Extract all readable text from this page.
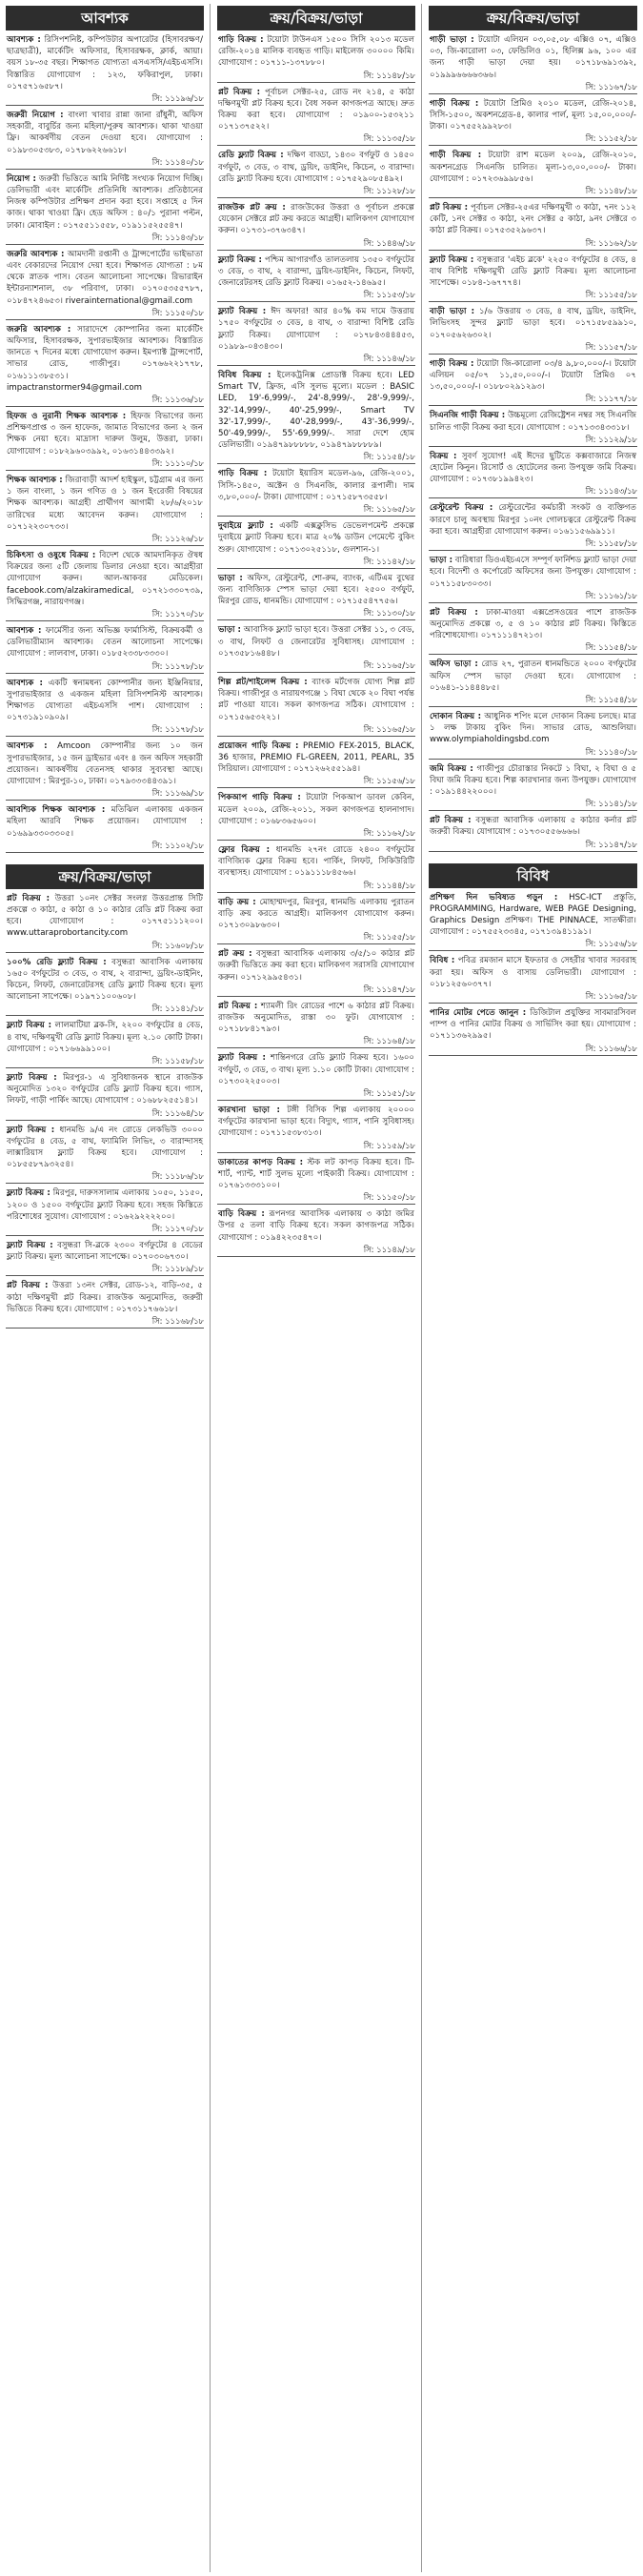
আবশ্যক

আবশ্যক : রিসিপশনিষ্ট, কম্পিউটার অপারেটর (হিসাবরক্ষণ/ছাত্রছাত্রী), মার্কেটিং অফিসার, হিসাবরক্ষক, ক্লার্ক, আয়া। বয়স ১৮-৩৫ বছর। শিক্ষাগত যোগ্যতা এসএসসি/এইচএসসি। বিস্তারিত যোগাযোগ : ১২৩, ফকিরাপুল, ঢাকা। ০১৭৫৭১৬৫৮৭।

সি: ১১১৯৬/১৮

জরুরী নিয়োগ : বাংলা খাবার রান্না জানা রাঁধুনী, অফিস সহকারী, বাবুর্চির জন্য মহিলা/পুরুষ আবশ্যক। থাকা খাওয়া ফ্রি। আকর্ষণীয় বেতন দেওয়া হবে। যোগাযোগ : ০১৯৮৩০৫৩৮৩, ০১৭৮৬২২৬৬১৮।

সি: ১১১৪০/১৮

নিয়োগ : জরুরী ভিত্তিতে আমি নির্দিষ্ট সংখ্যক নিয়োগ দিচ্ছি। ডেলিভারী এবং মার্কেটিং প্রতিনিধি আবশ্যক। প্রতিষ্ঠানের নিজস্ব কম্পিউটার প্রশিক্ষণ প্রদান করা হবে। সপ্তাহে ৫ দিন কাজ। থাকা খাওয়া ফ্রি। হেড অফিস : ৪০/১ পুরানা পল্টন, ঢাকা। মোবাইল : ০১৭৫৫১১৫৫৮, ০১৯১১৫২৫৫৪৭।

সি: ১১১৪৩/১৮

জরুরি আবশ্যক : আমদানী রপ্তানী ও ট্রান্সপোর্টের ভাইভাতা এবং বেকারদের নিয়োগ দেয়া হবে। শিক্ষাগত যোগ্যতা : ৮ম থেকে স্নাতক পাস। বেতন আলোচনা সাপেক্ষে। রিভারাইন ইন্টারন্যাশনাল, ৩৮ পরিবাগ, ঢাকা। ০১৭০৫৩৫৫৭৮৭, ০১৮৪৭২৪৬৫৩। riverainternational@gmail.com

সি: ১১১৫০/১৮

জরুরি আবশ্যক : সারাদেশে কোম্পানির জন্য মার্কেটিং অফিসার, হিসাবরক্ষক, সুপারভাইজার আবশ্যক। বিস্তারিত জানতে ৭ দিনের মধ্যে যোগাযোগ করুন। ইমপ্যাক্ট ট্রান্সপোর্ট, সাভার রোড, গাজীপুর। ০১৭৬৬২২১৭৭৮, ০১৬১১১৩৮৫৩১। impactranstormer94@gmail.com

সি: ১১১৩৬/১৮

হিফজ ও নুরানী শিক্ষক আবশ্যক : হিফজ বিভাগের জন্য প্রশিক্ষণপ্রাপ্ত ৩ জন হাফেজ, জামাত বিভাগের জন্য ২ জন শিক্ষক নেয়া হবে। মাদ্রাসা দারুল উলুম, উত্তরা, ঢাকা। যোগাযোগ : ০১৮২৯৬০৩৯৯২, ০১৬৩১৪৪৩৩৯২।

সি: ১১১১০/১৮

শিক্ষক আবশ্যক : জিরাবাড়ী আদর্শ হাইস্কুল, চট্টগ্রাম এর জন্য ১ জন বাংলা, ১ জন গণিত ও ১ জন ইংরেজী বিষয়ের শিক্ষক আবশ্যক। আগ্রহী প্রার্থীগণ আগামী ২৮/৬/২০১৮ তারিখের মধ্যে আবেদন করুন। যোগাযোগ : ০১৭১২২৩০৭৩৩।

সি: ১১১২৬/১৮

চিকিৎসা ও ওষুধে বিক্রয় : বিদেশ থেকে আমদানিকৃত ঔষধ বিক্রয়ের জন্য ৫টি জেলায় ডিলার নেওয়া হবে। আগ্রহীরা যোগাযোগ করুন। আল-আকবর মেডিকেল। facebook.com/alzakiramedical, ০১৭২১৩৩০৭৩৯, সিদ্ধিরগঞ্জ, নারায়ণগঞ্জ।

সি: ১১১৭০/১৮

আবশ্যক : ফার্মেসীর জন্য অভিজ্ঞ ফার্মাসিস্ট, বিক্রয়কর্মী ও ডেলিভারীম্যান আবশ্যক। বেতন আলোচনা সাপেক্ষে। যোগাযোগ : লালবাগ, ঢাকা। ০১৮৫২৩৩৮৩৩৩০।

সি: ১১১৭৮/১৮

আবশ্যক : একটি স্বনামধন্য কোম্পানীর জন্য ইঞ্জিনিয়ার, সুপারভাইজার ও একজন মহিলা রিসিপশনিস্ট আবশ্যক। শিক্ষাগত যোগ্যতা এইচএসসি পাশ। যোগাযোগ : ০১৭৩১৯১০৯০৯।

সি: ১১১৭৮/১৮

আবশ্যক : Amcoon কোম্পানীর জন্য ১০ জন সুপারভাইজার, ১৫ জন ড্রাইভার এবং ৪ জন অফিস সহকারী প্রয়োজন। আকর্ষণীয় বেতনসহ থাকার সুব্যবস্থা আছে। যোগাযোগ : মিরপুর-১০, ঢাকা। ০১৭৯৩৩৩৪৪৩৯১।

সি: ১১১৬৯/১৮

আবশ্যিক শিক্ষক আবশ্যক : মতিঝিল এলাকায় একজন মহিলা আরবি শিক্ষক প্রয়োজন। যোগাযোগ : ০১৬৯৯৩৩০৩৩০৫।

সি: ১১১০২/১৮
ক্রয়/বিক্রয়/ভাড়া

প্লট বিক্রয় : উত্তরা ১০নং সেক্টর সংলগ্ন উত্তরপ্রান্ত সিটি প্রকল্পে ৩ কাঠা, ৫ কাঠা ও ১০ কাঠার রেডি প্লট বিক্রয় করা হবে। যোগাযোগ : ০১৭৭৫১১১২০০। www.uttaraprobortancity.com

সি: ১১৬০৮/১৮

১০০% রেডি ফ্ল্যাট বিক্রয় : বসুন্ধরা আবাসিক এলাকায় ১৬৫০ বর্গফুটের ৩ বেড, ৩ বাথ, ২ বারান্দা, ড্রয়িং-ডাইনিং, কিচেন, লিফট, জেনারেটরসহ রেডি ফ্ল্যাট বিক্রয় হবে। মূল্য আলোচনা সাপেক্ষে। ০১৯৭১১০০৬০৮।

সি: ১১১৪১/১৮

ফ্ল্যাট বিক্রয় : লালমাটিয়া ব্লক-সি, ২২০০ বর্গফুটের ৪ বেড, ৪ বাথ, দক্ষিণমুখী রেডি ফ্ল্যাট বিক্রয়। মূল্য ২.১০ কোটি টাকা। যোগাযোগ : ০১৭১৬৬৯৯১০০।

সি: ১১১৫৮/১৮

ফ্ল্যাট বিক্রয় : মিরপুর-১ এ সুবিধাজনক স্থানে রাজউক অনুমোদিত ১৩২০ বর্গফুটের রেডি ফ্ল্যাট বিক্রয় হবে। গ্যাস, লিফট, গাড়ী পার্কিং আছে। যোগাযোগ : ০১৬৮৮২৫৫১৪১।

সি: ১১১৬৪/১৮

ফ্ল্যাট বিক্রয় : ধানমন্ডি ৯/এ নং রোডে লেকভিউ ৩০০০ বর্গফুটের ৪ বেড, ৫ বাথ, ফ্যামিলি লিভিং, ৩ বারান্দাসহ লাক্সারিয়াস ফ্ল্যাট বিক্রয় হবে। যোগাযোগ : ০১৮৫৫৮৭৯৩২৫৪।

সি: ১১১৮৬/১৮

ফ্ল্যাট বিক্রয় : মিরপুর, দারুসসালাম এলাকায় ১০৫০, ১১৫০, ১২০০ ও ১৫০০ বর্গফুটের ফ্ল্যাট বিক্রয় হবে। সহজ কিস্তিতে পরিশোধের সুযোগ। যোগাযোগ : ০১৬২৯২২২২০০।

সি: ১১১৭০/১৮

ফ্ল্যাট বিক্রয় : বসুন্ধরা সি-ব্লকে ২৩০০ বর্গফুটের ৪ বেডের ফ্ল্যাট বিক্রয়। মূল্য আলোচনা সাপেক্ষে। ০১৭০৩০৬৭৩০।

সি: ১১১৮৯/১৮

প্লট বিক্রয় : উত্তরা ১৩নং সেক্টর, রোড-১২, বাড়ি-৩৫, ৫ কাঠা দক্ষিণমুখী প্লট বিক্রয়। রাজউক অনুমোদিত, জরুরী ভিত্তিতে বিক্রয় হবে। যোগাযোগ : ০১৭৩১১৭৬৬১৮।

সি: ১১১৬৮/১৮
ক্রয়/বিক্রয়/ভাড়া

গাড়ি বিক্রয় : টয়োটা টাউনএস ১৫০০ সিসি ২০১৩ মডেল রেজি-২০১৪ মালিক ব্যবহৃত গাড়ি। মাইলেজ ৩০০০০ কিমি। যোগাযোগ : ০১৭১১-১৩৭৮৮০।

সি: ১১১৪৮/১৮

প্লট বিক্রয় : পূর্বাচল সেক্টর-২৫, রোড নং ২১৪, ৫ কাঠা দক্ষিণমুখী প্লট বিক্রয় হবে। বৈধ সকল কাগজপত্র আছে। দ্রুত বিক্রয় করা হবে। যোগাযোগ : ০১৯০০-১৫৩২১১ ০১৭১৩৭৫২২।

সি: ১১১৩৫/১৮

রেডি ফ্ল্যাট বিক্রয় : দক্ষিণ বাড্ডা, ১৪৩০ বর্গফুট ও ১৪৫০ বর্গফুট, ৩ বেড, ৩ বাথ, ড্রয়িং, ডাইনিং, কিচেন, ৩ বারান্দা। রেডি ফ্ল্যাট বিক্রয় হবে। যোগাযোগ : ০১৭৫২৯০৮৫৪৯২।

সি: ১১১২৮/১৮

রাজউক প্লট ক্রয় : রাজউকের উত্তরা ও পূর্বাচল প্রকল্পে যেকোন সেক্টরে প্লট ক্রয় করতে আগ্রহী। মালিকগণ যোগাযোগ করুন। ০১৭৩১-৩৭৬৩৪৭।

সি: ১১৪৪৬/১৮

ফ্ল্যাট বিক্রয় : পশ্চিম আগারগাঁও তালতলায় ১৩৫০ বর্গফুটের ৩ বেড, ৩ বাথ, ২ বারান্দা, ড্রয়িং-ডাইনিং, কিচেন, লিফট, জেনারেটরসহ রেডি ফ্ল্যাট বিক্রয়। ০১৬৫২-১৪৬৯৫।

সি: ১১১৫৩/১৮

ফ্ল্যাট বিক্রয় : ঈদ অফার! আর ৪০% কম দামে উত্তরায় ১৭৫০ বর্গফুটের ৩ বেড, ৪ বাথ, ৩ বারান্দা বিশিষ্ট রেডি ফ্ল্যাট বিক্রয়। যোগাযোগ : ০১৭৮৪৩৪৪৪৫৩, ০১৯৮৯-০৪৩৪৩০।

সি: ১১১৪৬/১৮

বিবিধ বিক্রয় : ইলেকট্রনিক্স প্রোডাক্ট বিক্রয় হবে। LED Smart TV, ফ্রিজ, এসি সুলভ মূল্যে। মডেল : BASIC LED, 19'-6,999/-, 24'-8,999/-, 28'-9,999/-, 32'-14,999/-, 40'-25,999/-, Smart TV 32'-17,999/-, 40'-28,999/-, 43'-36,999/-, 50'-49,999/-, 55'-69,999/-. সারা দেশে হোম ডেলিভারী। ০১৯৪৭৯৮৮৮৮৮, ০১৯৪৭৯৮৮৮৮৯।

সি: ১১১৫৪/১৮

গাড়ি বিক্রয় : টয়োটা ইয়ারিস মডেল-৯৬, রেজি-২০০১, সিসি-১৪৫০, অক্টেন ও সিএনজি, কালার রূপালী। দাম ৩,৮০,০০০/- টাকা। যোগাযোগ : ০১৭১৫৮৭৩৫৫৮।

সি: ১১১৬৫/১৮

দুবাইয়ে ফ্ল্যাট : একটি এক্সক্লুসিভ ডেভেলপমেন্ট প্রকল্পে দুবাইয়ে ফ্ল্যাট বিক্রয় হবে। মাত্র ২০% ডাউন পেমেন্টে বুকিং শুরু। যোগাযোগ : ০১৭১৩০২৫১১৮, গুলশান-১।

সি: ১১১৪২/১৮

ভাড়া : অফিস, রেস্টুরেন্ট, শো-রুম, ব্যাংক, এটিএম বুথের জন্য বাণিজ্যিক স্পেস ভাড়া দেয়া হবে। ২৫০০ বর্গফুট, মিরপুর রোড, ধানমন্ডি। যোগাযোগ : ০১৭১৫৫৪৭৭৫৬।

সি: ১১১৩০/১৮

ভাড়া : আবাসিক ফ্ল্যাট ভাড়া হবে। উত্তরা সেক্টর ১১, ৩ বেড, ৩ বাথ, লিফট ও জেনারেটর সুবিধাসহ। যোগাযোগ : ০১৭৩৫৮১৬৪৪৮।

সি: ১১১৬৫/১৮

শিল্প প্লট/শাইলেন্স বিক্রয় : ব্যাংক মর্টগেজ যোগ্য শিল্প প্লট বিক্রয়। গাজীপুর ও নারায়ণগঞ্জে ১ বিঘা থেকে ২০ বিঘা পর্যন্ত প্লট পাওয়া যাবে। সকল কাগজপত্র সঠিক। যোগাযোগ : ০১৭১৫৬৫৩২২১।

সি: ১১১৬৫/১৮

প্রয়োজন গাড়ি বিক্রয় : PREMIO FEX-2015, BLACK, 36 হাজার, PREMIO FL-GREEN, 2011, PEARL, 35 সিরিয়াল। যোগাযোগ : ০১৭১২৬২৫৫১৯৪।

সি: ১১১৫৬/১৮

পিকআপ গাড়ি বিক্রয় : টয়োটা পিকআপ ডাবল কেবিন, মডেল ২০০৯, রেজি-২০১১, সকল কাগজপত্র হালনাগাদ। যোগাযোগ : ০১৬৮৩৬৫৬০০।

সি: ১১১৬২/১৮

ফ্লোর বিক্রয় : ধানমন্ডি ২৭নং রোডে ২৪০০ বর্গফুটের বাণিজ্যিক ফ্লোর বিক্রয় হবে। পার্কিং, লিফট, সিকিউরিটি ব্যবস্থাসহ। যোগাযোগ : ০১৯১১১৮৪৫৬৬।

সি: ১১১৪৪/১৮

বাড়ি ক্রয় : মোহাম্মদপুর, মিরপুর, ধানমন্ডি এলাকায় পুরাতন বাড়ি ক্রয় করতে আগ্রহী। মালিকগণ যোগাযোগ করুন। ০১৭১৩০৯৮৬৩০।

সি: ১১১৫৫/১৮

প্লট ক্রয় : বসুন্ধরা আবাসিক এলাকায় ৩/৫/১০ কাঠার প্লট জরুরী ভিত্তিতে ক্রয় করা হবে। মালিকগণ সরাসরি যোগাযোগ করুন। ০১৭১২৯৯৫৪৩১।

সি: ১১১৪৭/১৮

প্লট বিক্রয় : শ্যামলী রিং রোডের পাশে ৬ কাঠার প্লট বিক্রয়। রাজউক অনুমোদিত, রাস্তা ৩০ ফুট। যোগাযোগ : ০১৭১৮৮৪১৭৯৩।

সি: ১১১৬৪/১৮

ফ্ল্যাট বিক্রয় : শান্তিনগরে রেডি ফ্ল্যাট বিক্রয় হবে। ১৬০০ বর্গফুট, ৩ বেড, ৩ বাথ। মূল্য ১.১০ কোটি টাকা। যোগাযোগ : ০১৭৩০২২৫০০৩।

সি: ১১১৫১/১৮

কারখানা ভাড়া : টঙ্গী বিসিক শিল্প এলাকায় ২০০০০ বর্গফুটের কারখানা ভাড়া হবে। বিদ্যুৎ, গ্যাস, পানি সুবিধাসহ। যোগাযোগ : ০১৭১১৫৩৮৩১৩।

সি: ১১১৫৯/১৮

ডাকাতের কাপড় বিক্রয় : স্টক লট কাপড় বিক্রয় হবে। টি-শার্ট, প্যান্ট, শার্ট সুলভ মূল্যে পাইকারী বিক্রয়। যোগাযোগ : ০১৭৬১৩৩৩১০০।

সি: ১১১৫০/১৮

বাড়ি বিক্রয় : রূপনগর আবাসিক এলাকায় ৩ কাঠা জমির উপর ৫ তলা বাড়ি বিক্রয় হবে। সকল কাগজপত্র সঠিক। যোগাযোগ : ০১৯৪২২৩৫৪৭০।

সি: ১১১৪৯/১৮
ক্রয়/বিক্রয়/ভাড়া

গাড়ী ভাড়া : টয়োটা এলিয়ন ০৩,০৫,০৮ এক্সিও ০৭, এক্সিও ০৩, জি-কারোলা ০৩, ফেন্ডিলিও ০১, হিলিক্স ৯৬, ১০০ এর জন্য গাড়ী ভাড়া দেয়া হয়। ০১৭১৮৬৯১৩৯২, ০১৯৯৯৬৬৬৬৩৬৬।

সি: ১১১৬৭/১৮

গাড়ী বিক্রয় : টয়োটা প্রিমিও ২০১০ মডেল, রেজি-২০১৪, সিসি-১৫০০, অকশনগ্রেড-৪, কালার পার্ল, মূল্য ১৫,০০,০০০/- টাকা। ০১৭৫৫২৯৯২৮৩।

সি: ১১১৫২/১৮

গাড়ী বিক্রয় : টয়োটা রাশ মডেল ২০০৯, রেজি-২০১০, অকশনগ্রেড সিএনজি চালিত। মূল্য-১৩,০০,০০০/- টাকা। যোগাযোগ : ০১৭২৩৬৯৯৮৫৬।

সি: ১১১৪৮/১৮

প্লট বিক্রয় : পূর্বাচল সেক্টর-২৫এর দক্ষিণমুখী ৩ কাঠা, ৭নং ১১২ কেটি, ১নং সেক্টর ৩ কাঠা, ২নং সেক্টর ৫ কাঠা, ৯নং সেক্টরে ৩ কাঠা প্লট বিক্রয়। ০১৭৫৩৫২৯৬৩৭।

সি: ১১১৬২/১৮

ফ্ল্যাট বিক্রয় : বসুন্ধরার 'এইচ ব্লকে' ২২৫০ বর্গফুটের ৪ বেড, ৪ বাথ বিশিষ্ট দক্ষিণমুখী রেডি ফ্ল্যাট বিক্রয়। মূল্য আলোচনা সাপেক্ষে। ০১৮৪-১৬৭৭৭৪।

সি: ১১১৫৫/১৮

বাড়ী ভাড়া : ১/৬ উত্তরায় ৩ বেড, ৪ বাথ, ড্রয়িং, ডাইনিং, লিভিংসহ সুন্দর ফ্ল্যাট ভাড়া হবে। ০১৭১৫৮৫৯৯১০, ০১৭০৫৬২৬৩০২।

সি: ১১১৫৭/১৮

গাড়ী বিক্রয় : টয়োটা জি-কারোলা ০৩/৪ ৯,৮০,০০০/-। টয়োটা এলিয়ন ০৫/০৭ ১১,৫০,০০০/-। টয়োটা প্রিমিও ০৭ ১৩,৫০,০০০/-। ০১৮৮০২৯১২৯৩।

সি: ১১১৭৭/১৮

সিএনজি গাড়ী বিক্রয় : উচ্চমূল্যে রেজিষ্ট্রেশন নম্বর সহ সিএনজি চালিত গাড়ী বিক্রয় করা হবে। যোগাযোগ : ০১৭১৩৩৪৩৩১৮।

সি: ১১১২৯/১৮

বিক্রয় : সুবর্ণ সুযোগ! এই ঈদের ছুটিতে কক্সবাজারে নিজস্ব হোটেল কিনুন। রিসোর্ট ও হোটেলের জন্য উপযুক্ত জমি বিক্রয়। যোগাযোগ : ০১৭৩৮১৯৯৪২৩।

সি: ১১১৪৩/১৮

রেস্টুরেন্ট বিক্রয় : রেস্টুরেন্টের কর্মচারী সংকট ও ব্যক্তিগত কারণে চালু অবস্থায় মিরপুর ১০নং গোলচত্বরে রেস্টুরেন্ট বিক্রয় করা হবে। আগ্রহীরা যোগাযোগ করুন। ০১৬১১৫৬৯৯১১।

সি: ১১১৫৮/১৮

ভাড়া : বারিধারা ডিওএইচএসে সম্পূর্ণ ফার্নিশড ফ্ল্যাট ভাড়া দেয়া হবে। বিদেশী ও কর্পোরেট অফিসের জন্য উপযুক্ত। যোগাযোগ : ০১৭১১৫৮৩০৩৩।

সি: ১১১৬১/১৮

প্লট বিক্রয় : ঢাকা-মাওয়া এক্সপ্রেসওয়ের পাশে রাজউক অনুমোদিত প্রকল্পে ৩, ৫ ও ১০ কাঠার প্লট বিক্রয়। কিস্তিতে পরিশোধযোগ্য। ০১৭১১১৪৭২১৩।

সি: ১১১৫৪/১৮

অফিস ভাড়া : রোড ২৭, পুরাতন ধানমন্ডিতে ২০০০ বর্গফুটের অফিস স্পেস ভাড়া দেওয়া হবে। যোগাযোগ : ০১৬৪১-১১৪৪৪৮৫।

সি: ১১১৫৪/১৮

দোকান বিক্রয় : আধুনিক শপিং মলে দোকান বিক্রয় চলছে। মাত্র ১ লক্ষ টাকায় বুকিং দিন। সাভার রোড, আশুলিয়া। www.olympiaholdingsbd.com

সি: ১১১৪০/১৮

জমি বিক্রয় : গাজীপুর চৌরাস্তার নিকটে ১ বিঘা, ২ বিঘা ও ৫ বিঘা জমি বিক্রয় হবে। শিল্প কারখানার জন্য উপযুক্ত। যোগাযোগ : ০১৯১৪৪২২০০০।

সি: ১১১৪১/১৮

প্লট বিক্রয় : বসুন্ধরা আবাসিক এলাকায় ৫ কাঠার কর্নার প্লট জরুরী বিক্রয়। যোগাযোগ : ০১৭৩০৫৫৬৬৬৬।

সি: ১১১৪৭/১৮
বিবিধ

প্রশিক্ষণ দিন ভবিষ্যত গড়ুন : HSC-ICT প্রস্তুতি, PROGRAMMING, Hardware, WEB PAGE Designing, Graphics Design প্রশিক্ষণ। THE PINNACE, সাতক্ষীরা। যোগাযোগ : ০১৭৫৫২৩৩৪৫, ০১৭১৩৯৪১১৯১।

সি: ১১১৫৬/১৮

বিবিধ : পবিত্র রমজান মাসে ইফতার ও সেহরীর খাবার সরবরাহ করা হয়। অফিস ও বাসায় ডেলিভারী। যোগাযোগ : ০১৮১২৫৬০৩৭৭।

সি: ১১১৬৫/১৮

পানির মোটর পেতে জানুন : ডিজিটাল প্রযুক্তির সাবমারসিবল পাম্প ও পানির মোটর বিক্রয় ও সার্ভিসিং করা হয়। যোগাযোগ : ০১৭১১৩৬২৯৯৫।

সি: ১১১৬৬/১৮
